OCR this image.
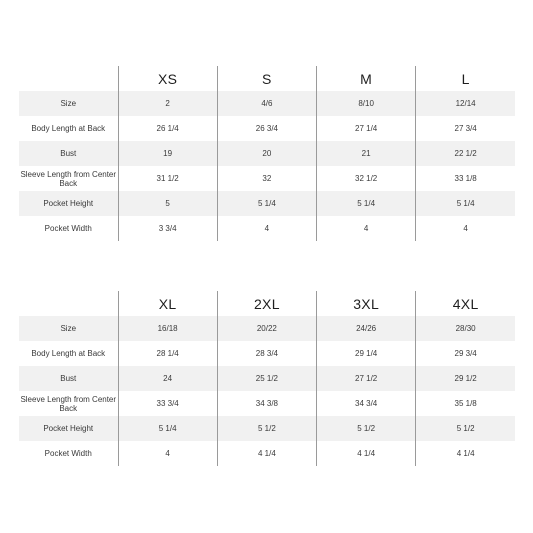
	XS	S	M	L
Size	2	4/6	8/10	12/14
Body Length at Back	26 1/4	26 3/4	27 1/4	27 3/4
Bust	19	20	21	22 1/2
Sleeve Length from Center Back	31 1/2	32	32 1/2	33 1/8
Pocket Height	5	5 1/4	5 1/4	5 1/4
Pocket Width	3 3/4	4	4	4
	XL	2XL	3XL	4XL
Size	16/18	20/22	24/26	28/30
Body Length at Back	28 1/4	28 3/4	29 1/4	29 3/4
Bust	24	25 1/2	27 1/2	29 1/2
Sleeve Length from Center Back	33 3/4	34 3/8	34 3/4	35 1/8
Pocket Height	5 1/4	5 1/2	5 1/2	5 1/2
Pocket Width	4	4 1/4	4 1/4	4 1/4
